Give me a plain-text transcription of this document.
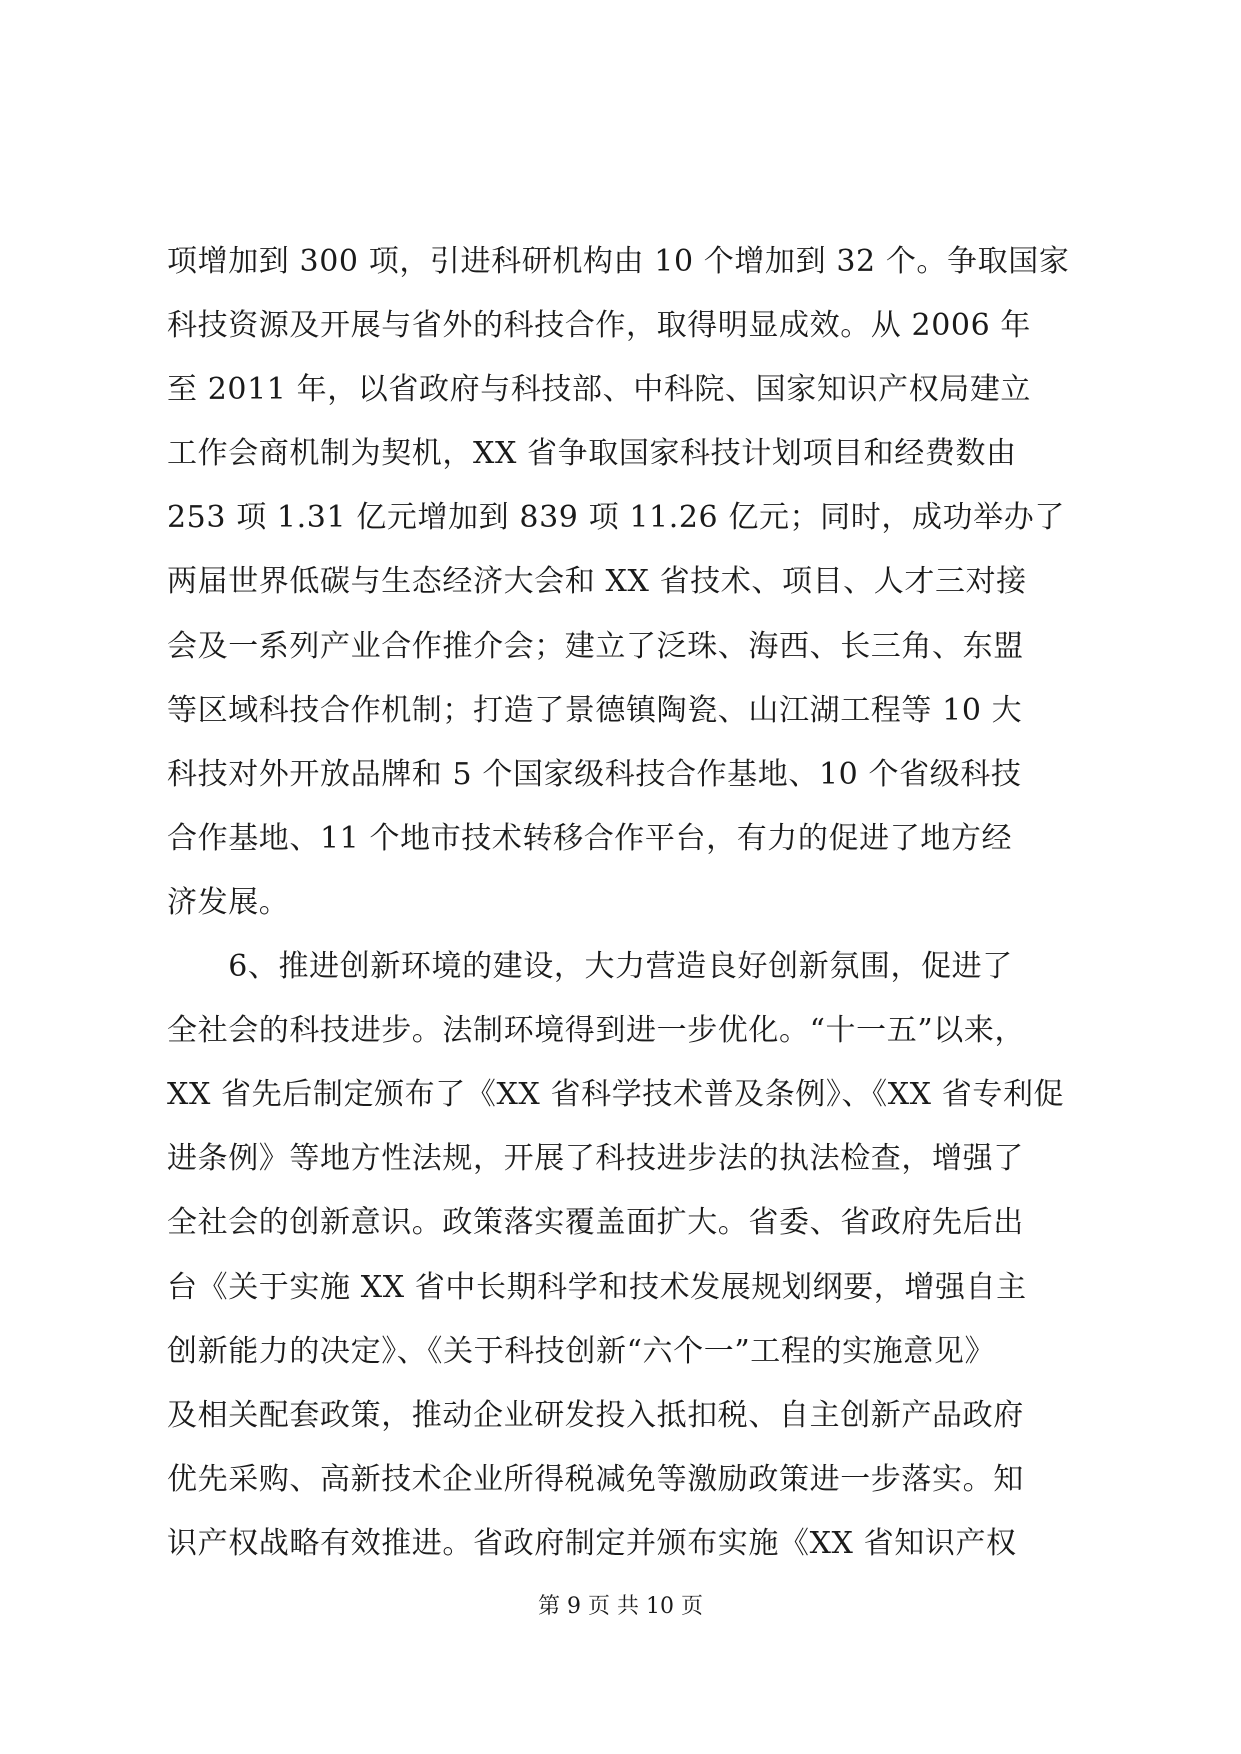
项增加到 300 项，引进科研机构由 10 个增加到 32 个。争取国家
科技资源及开展与省外的科技合作，取得明显成效。从 2006 年
至 2011 年，以省政府与科技部、中科院、国家知识产权局建立
工作会商机制为契机，XX 省争取国家科技计划项目和经费数由
253 项 1.31 亿元增加到 839 项 11.26 亿元；同时，成功举办了
两届世界低碳与生态经济大会和 XX 省技术、项目、人才三对接
会及一系列产业合作推介会；建立了泛珠、海西、长三角、东盟
等区域科技合作机制；打造了景德镇陶瓷、山江湖工程等 10 大
科技对外开放品牌和 5 个国家级科技合作基地、10 个省级科技
合作基地、11 个地市技术转移合作平台，有力的促进了地方经
济发展。
　　6、推进创新环境的建设，大力营造良好创新氛围，促进了
全社会的科技进步。法制环境得到进一步优化。“十一五”以来，
XX 省先后制定颁布了《XX 省科学技术普及条例》、《XX 省专利促
进条例》等地方性法规，开展了科技进步法的执法检查，增强了
全社会的创新意识。政策落实覆盖面扩大。省委、省政府先后出
台《关于实施 XX 省中长期科学和技术发展规划纲要，增强自主
创新能力的决定》、《关于科技创新“六个一”工程的实施意见》
及相关配套政策，推动企业研发投入抵扣税、自主创新产品政府
优先采购、高新技术企业所得税减免等激励政策进一步落实。知
识产权战略有效推进。省政府制定并颁布实施《XX 省知识产权
第 9 页 共 10 页
